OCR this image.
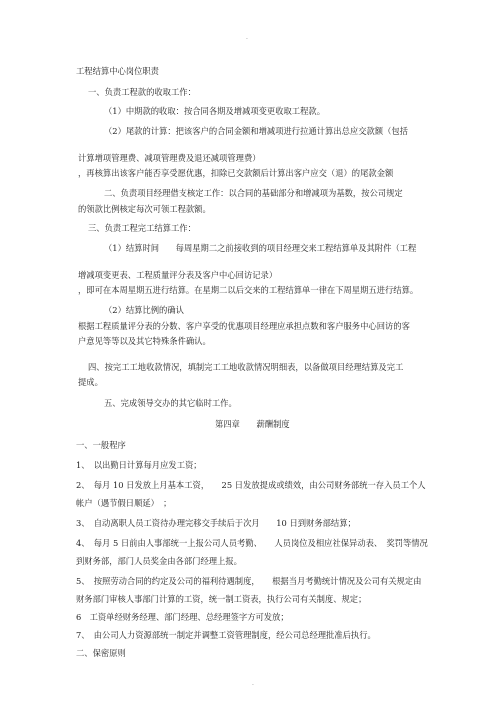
.
工程结算中心岗位职责
一、负责工程款的收取工作：
（1）中期款的收取：按合同各期及增减项变更收取工程款。
（2）尾款的计算：把该客户的合同金额和增减项进行拉通计算出总应交款额（包括
计算增项管理费、减项管理费及退还减项管理费）
，再核算出该客户能否享受愿优惠，扣除已交款额后计算出客户应交（退）的尾款金额
二、负责项目经理借支核定工作：以合同的基础部分和增减项为基数，按公司规定
的领款比例核定每次可领工程款额。
三、负责工程完工结算工作：
（1）结算时间　　每周星期二之前接收到的项目经理交来工程结算单及其附件（工程
增减项变更表、工程质量评分表及客户中心回访记录）
，即可在本周星期五进行结算。在星期二以后交来的工程结算单一律在下周星期五进行结算。
（2）结算比例的确认
根据工程质量评分表的分数、客户享受的优惠项目经理应承担点数和客户服务中心回访的客
户意见等等以及其它特殊条件确认。
四、按完工工地收款情况，填制完工工地收款情况明细表，以备做项目经理结算及完工
提成。
五、完成领导交办的其它临时工作。
第四章　　薪酬制度
一、一般程序
1、　以出勤日计算每月应发工资；
2、　每月 10 日发放上月基本工资，　　25 日发放提成或绩效，由公司财务部统一存入员工个人
帐户（遇节假日顺延）　；
3、　自动离职人员工资待办理完移交手续后于次月　　10 日到财务部结算；
4、　每月 5 日前由人事部统一上报公司人员考勤、　　人员岗位及相应社保异动表、　奖罚等情况
到财务部，部门人员奖金由各部门经理上报。
5、　按照劳动合同的约定及公司的福利待遇制度，　　根据当月考勤统计情况及公司有关规定由
财务部门审核人事部门计算的工资，统一制工资表，执行公司有关制度、规定；
6　工资单经财务经理、部门经理、总经理签字方可发放；
7、　由公司人力资源部统一制定并调整工资管理制度，经公司总经理批准后执行。
二、保密原则
.
